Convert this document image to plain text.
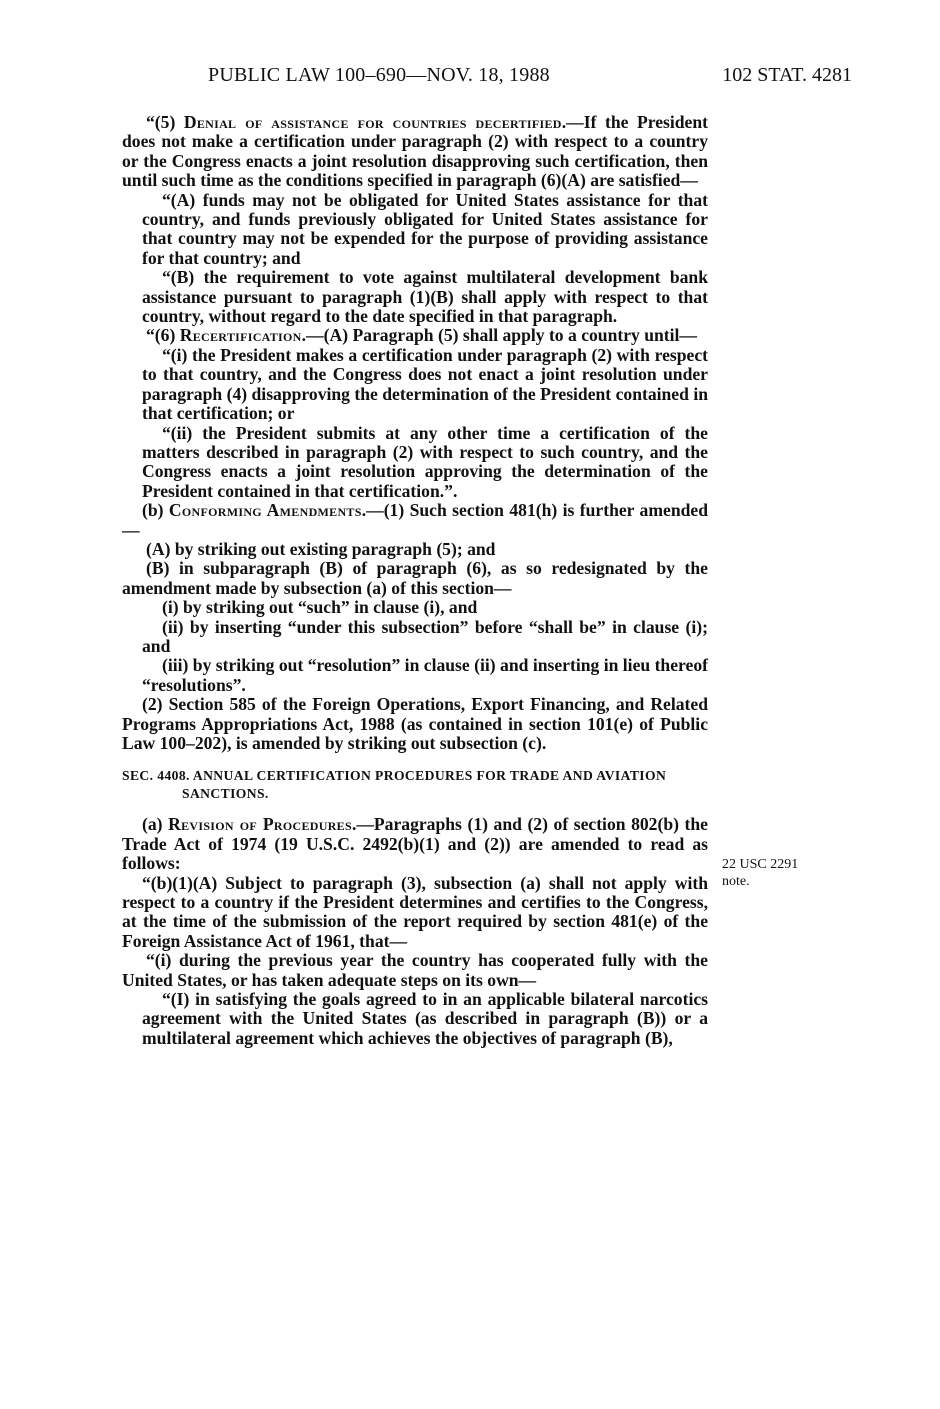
PUBLIC LAW 100–690—NOV. 18, 1988	102 STAT. 4281

“(5) Denial of assistance for countries decertified.—If the President does not make a certification under paragraph (2) with respect to a country or the Congress enacts a joint resolution disapproving such certification, then until such time as the conditions specified in paragraph (6)(A) are satisfied—

“(A) funds may not be obligated for United States assistance for that country, and funds previously obligated for United States assistance for that country may not be expended for the purpose of providing assistance for that country; and

“(B) the requirement to vote against multilateral development bank assistance pursuant to paragraph (1)(B) shall apply with respect to that country, without regard to the date specified in that paragraph.

“(6) Recertification.—(A) Paragraph (5) shall apply to a country until—

“(i) the President makes a certification under paragraph (2) with respect to that country, and the Congress does not enact a joint resolution under paragraph (4) disapproving the determination of the President contained in that certification; or

“(ii) the President submits at any other time a certification of the matters described in paragraph (2) with respect to such country, and the Congress enacts a joint resolution approving the determination of the President contained in that certification.”.

(b) Conforming Amendments.—(1) Such section 481(h) is further amended—

(A) by striking out existing paragraph (5); and

(B) in subparagraph (B) of paragraph (6), as so redesignated by the amendment made by subsection (a) of this section—

(i) by striking out “such” in clause (i), and

(ii) by inserting “under this subsection” before “shall be” in clause (i); and

(iii) by striking out “resolution” in clause (ii) and inserting in lieu thereof “resolutions”.

(2) Section 585 of the Foreign Operations, Export Financing, and Related Programs Appropriations Act, 1988 (as contained in section 101(e) of Public Law 100–202), is amended by striking out subsection (c).

SEC. 4408. ANNUAL CERTIFICATION PROCEDURES FOR TRADE AND AVIATION SANCTIONS.

(a) Revision of Procedures.—Paragraphs (1) and (2) of section 802(b) the Trade Act of 1974 (19 U.S.C. 2492(b)(1) and (2)) are amended to read as follows:

“(b)(1)(A) Subject to paragraph (3), subsection (a) shall not apply with respect to a country if the President determines and certifies to the Congress, at the time of the submission of the report required by section 481(e) of the Foreign Assistance Act of 1961, that—

“(i) during the previous year the country has cooperated fully with the United States, or has taken adequate steps on its own—

“(I) in satisfying the goals agreed to in an applicable bilateral narcotics agreement with the United States (as described in paragraph (B)) or a multilateral agreement which achieves the objectives of paragraph (B),

22 USC 2291
note.
